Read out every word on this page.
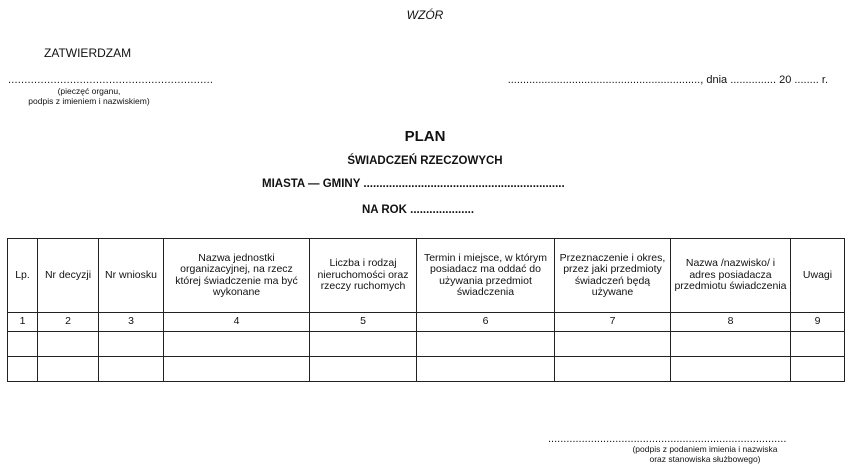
WZÓR
ZATWIERDZAM
...............................................................
(pieczęć organu,
podpis z imieniem i nazwiskiem)
..............................................................., dnia ............... 20 ........ r.
PLAN
ŚWIADCZEŃ RZECZOWYCH
MIASTA — GMINY ...............................................................
NA ROK ....................
Lp.	Nr decyzji	Nr wniosku	Nazwa jednostki organizacyjnej, na rzecz której świadczenie ma być wykonane	Liczba i rodzaj nieruchomości oraz rzeczy ruchomych	Termin i miejsce, w którym posiadacz ma oddać do używania przedmiot świadczenia	Przeznaczenie i okres, przez jaki przedmioty świadczeń będą używane	Nazwa /nazwisko/ i adres posiadacza przedmiotu świadczenia	Uwagi
1	2	3	4	5	6	7	8	9

..............................................................................
(podpis z podaniem imienia i nazwiska
oraz stanowiska służbowego)
